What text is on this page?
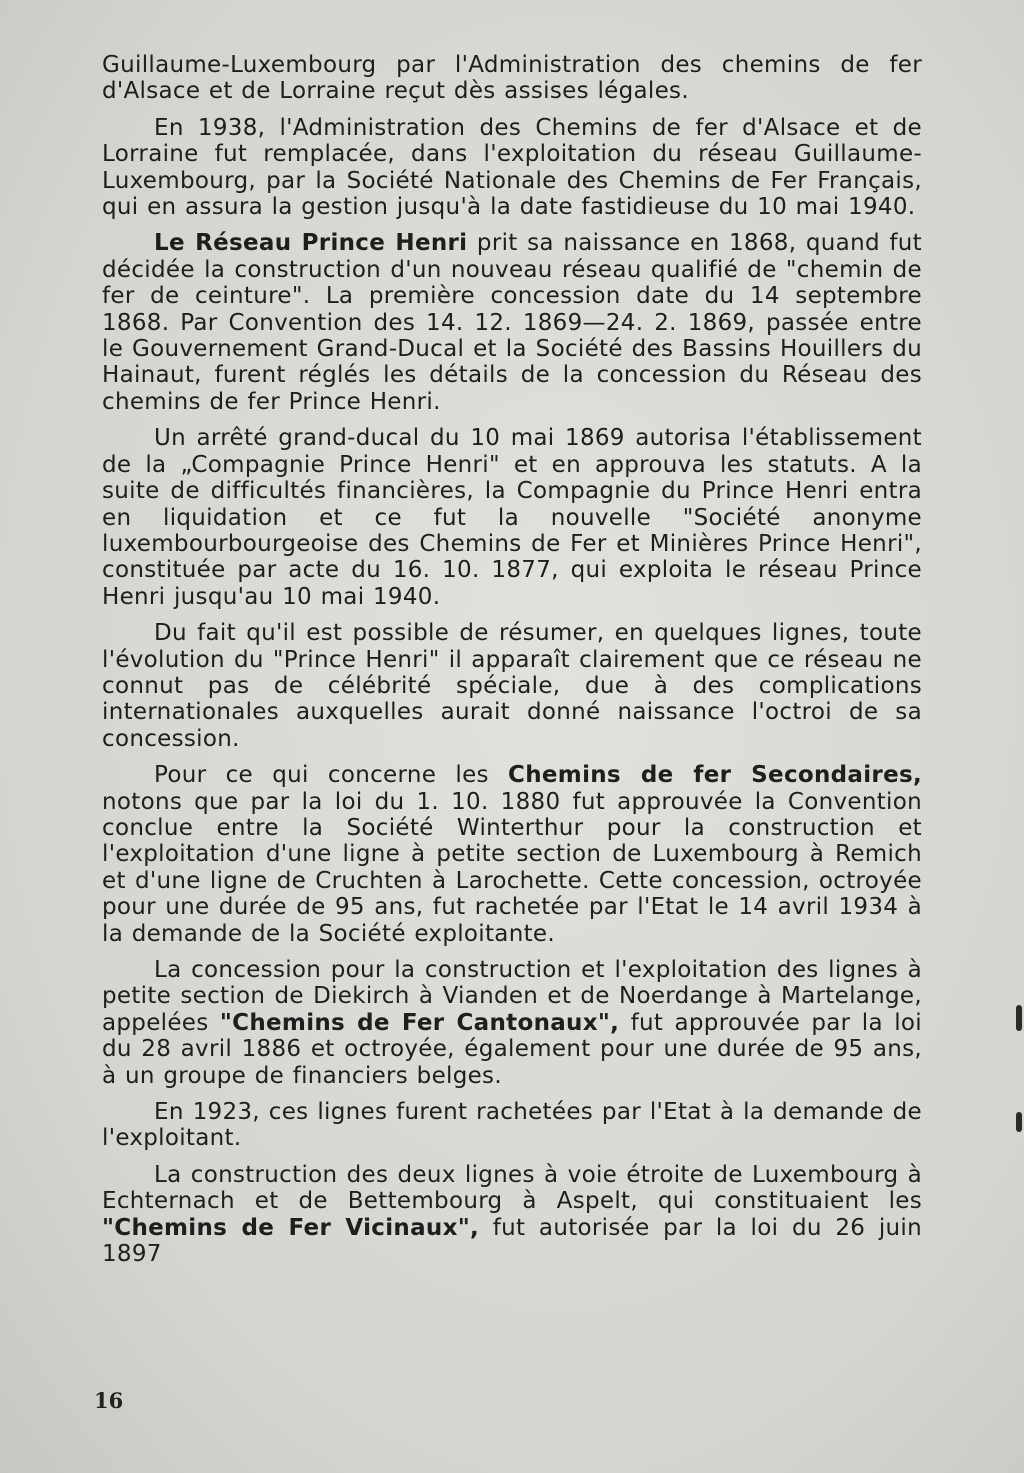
Guillaume-Luxembourg par l'Administration des chemins de fer d'Alsace et de Lorraine reçut dès assises légales.

En 1938, l'Administration des Chemins de fer d'Alsace et de Lorraine fut remplacée, dans l'exploitation du réseau Guillaume-Luxembourg, par la Société Nationale des Chemins de Fer Français, qui en assura la gestion jusqu'à la date fastidieuse du 10 mai 1940.

Le Réseau Prince Henri prit sa naissance en 1868, quand fut décidée la construction d'un nouveau réseau qualifié de "chemin de fer de ceinture". La première concession date du 14 septembre 1868. Par Convention des 14. 12. 1869—24. 2. 1869, passée entre le Gouvernement Grand-Ducal et la Société des Bassins Houillers du Hainaut, furent réglés les détails de la concession du Réseau des chemins de fer Prince Henri.

Un arrêté grand-ducal du 10 mai 1869 autorisa l'établissement de la „Compagnie Prince Henri" et en approuva les statuts. A la suite de difficultés financières, la Compagnie du Prince Henri entra en liquidation et ce fut la nouvelle "Société anonyme luxembourbourgeoise des Chemins de Fer et Minières Prince Henri", constituée par acte du 16. 10. 1877, qui exploita le réseau Prince Henri jusqu'au 10 mai 1940.

Du fait qu'il est possible de résumer, en quelques lignes, toute l'évolution du "Prince Henri" il apparaît clairement que ce réseau ne connut pas de célébrité spéciale, due à des complications internationales auxquelles aurait donné naissance l'octroi de sa concession.

Pour ce qui concerne les Chemins de fer Secondaires, notons que par la loi du 1. 10. 1880 fut approuvée la Convention conclue entre la Société Winterthur pour la construction et l'exploitation d'une ligne à petite section de Luxembourg à Remich et d'une ligne de Cruchten à Larochette. Cette concession, octroyée pour une durée de 95 ans, fut rachetée par l'Etat le 14 avril 1934 à la demande de la Société exploitante.

La concession pour la construction et l'exploitation des lignes à petite section de Diekirch à Vianden et de Noerdange à Martelange, appelées "Chemins de Fer Cantonaux", fut approuvée par la loi du 28 avril 1886 et octroyée, également pour une durée de 95 ans, à un groupe de financiers belges.

En 1923, ces lignes furent rachetées par l'Etat à la demande de l'exploitant.

La construction des deux lignes à voie étroite de Luxembourg à Echternach et de Bettembourg à Aspelt, qui constituaient les "Chemins de Fer Vicinaux", fut autorisée par la loi du 26 juin 1897

16
